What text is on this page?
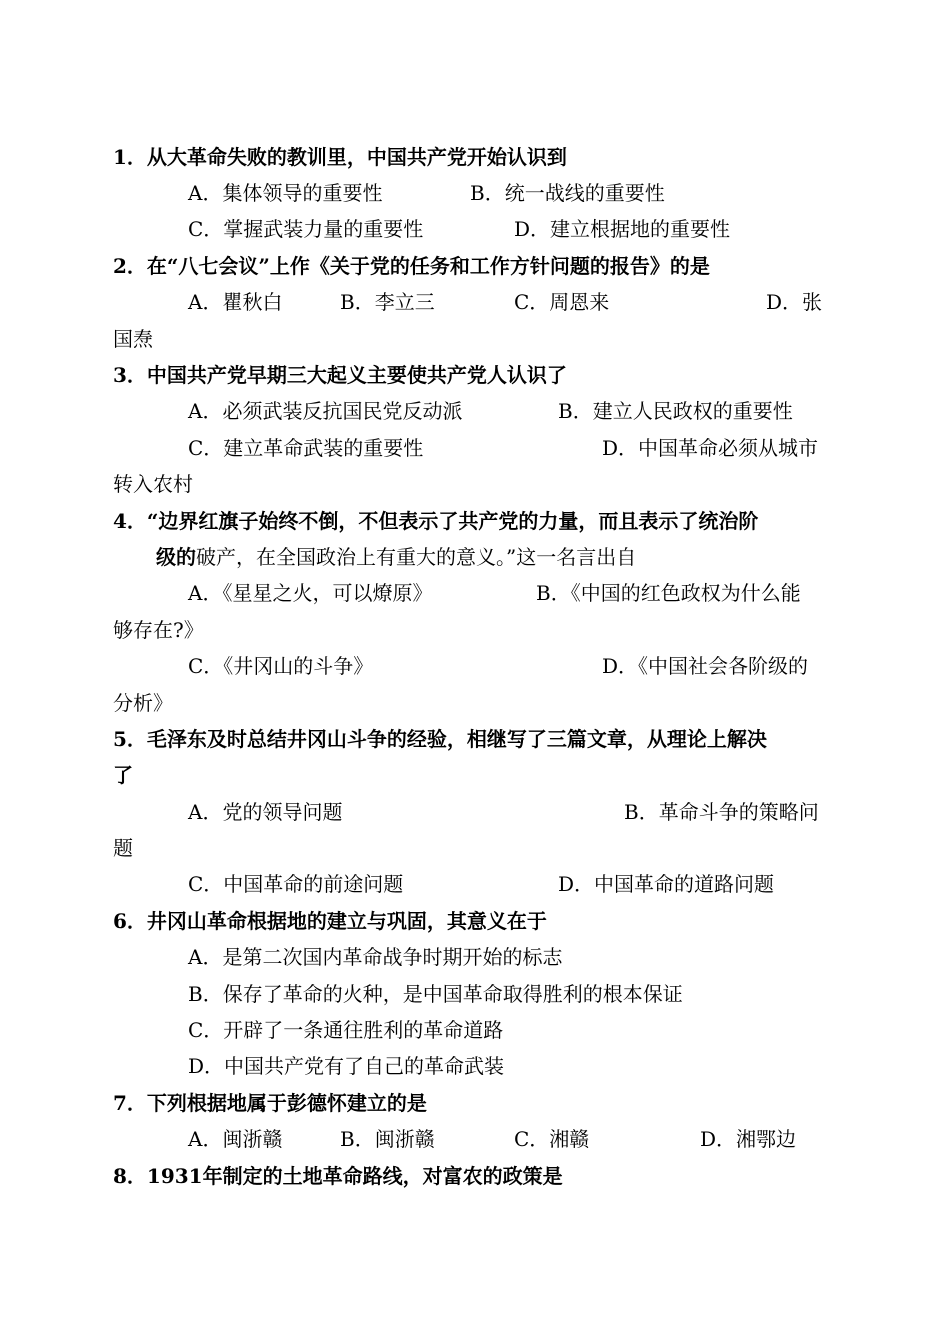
1．从大革命失败的教训里，中国共产党开始认识到
A．集体领导的重要性	B．统一战线的重要性
C．掌握武装力量的重要性	D．建立根据地的重要性
2．在“八七会议”上作《关于党的任务和工作方针问题的报告》的是
A．瞿秋白	B．李立三	C．周恩来	D．张
国焘
3．中国共产党早期三大起义主要使共产党人认识了
A．必须武装反抗国民党反动派	B．建立人民政权的重要性
C．建立革命武装的重要性	D．中国革命必须从城市
转入农村
4．“边界红旗子始终不倒，不但表示了共产党的力量，而且表示了统治阶
级的 破产，在全国政治上有重大的意义。”这一名言出自
A．《星星之火，可以燎原》	B．《中国的红色政权为什么能
够存在?》
C．《井冈山的斗争》	D．《中国社会各阶级的
分析》
5．毛泽东及时总结井冈山斗争的经验，相继写了三篇文章，从理论上解决
了
A．党的领导问题	B．革命斗争的策略问
题
C．中国革命的前途问题	D．中国革命的道路问题
6．井冈山革命根据地的建立与巩固，其意义在于
A．是第二次国内革命战争时期开始的标志
B．保存了革命的火种，是中国革命取得胜利的根本保证
C．开辟了一条通往胜利的革命道路
D．中国共产党有了自己的革命武装
7．下列根据地属于彭德怀建立的是
A．闽浙赣	B．闽浙赣	C．湘赣	D．湘鄂边
8．1931年制定的土地革命路线，对富农的政策是
